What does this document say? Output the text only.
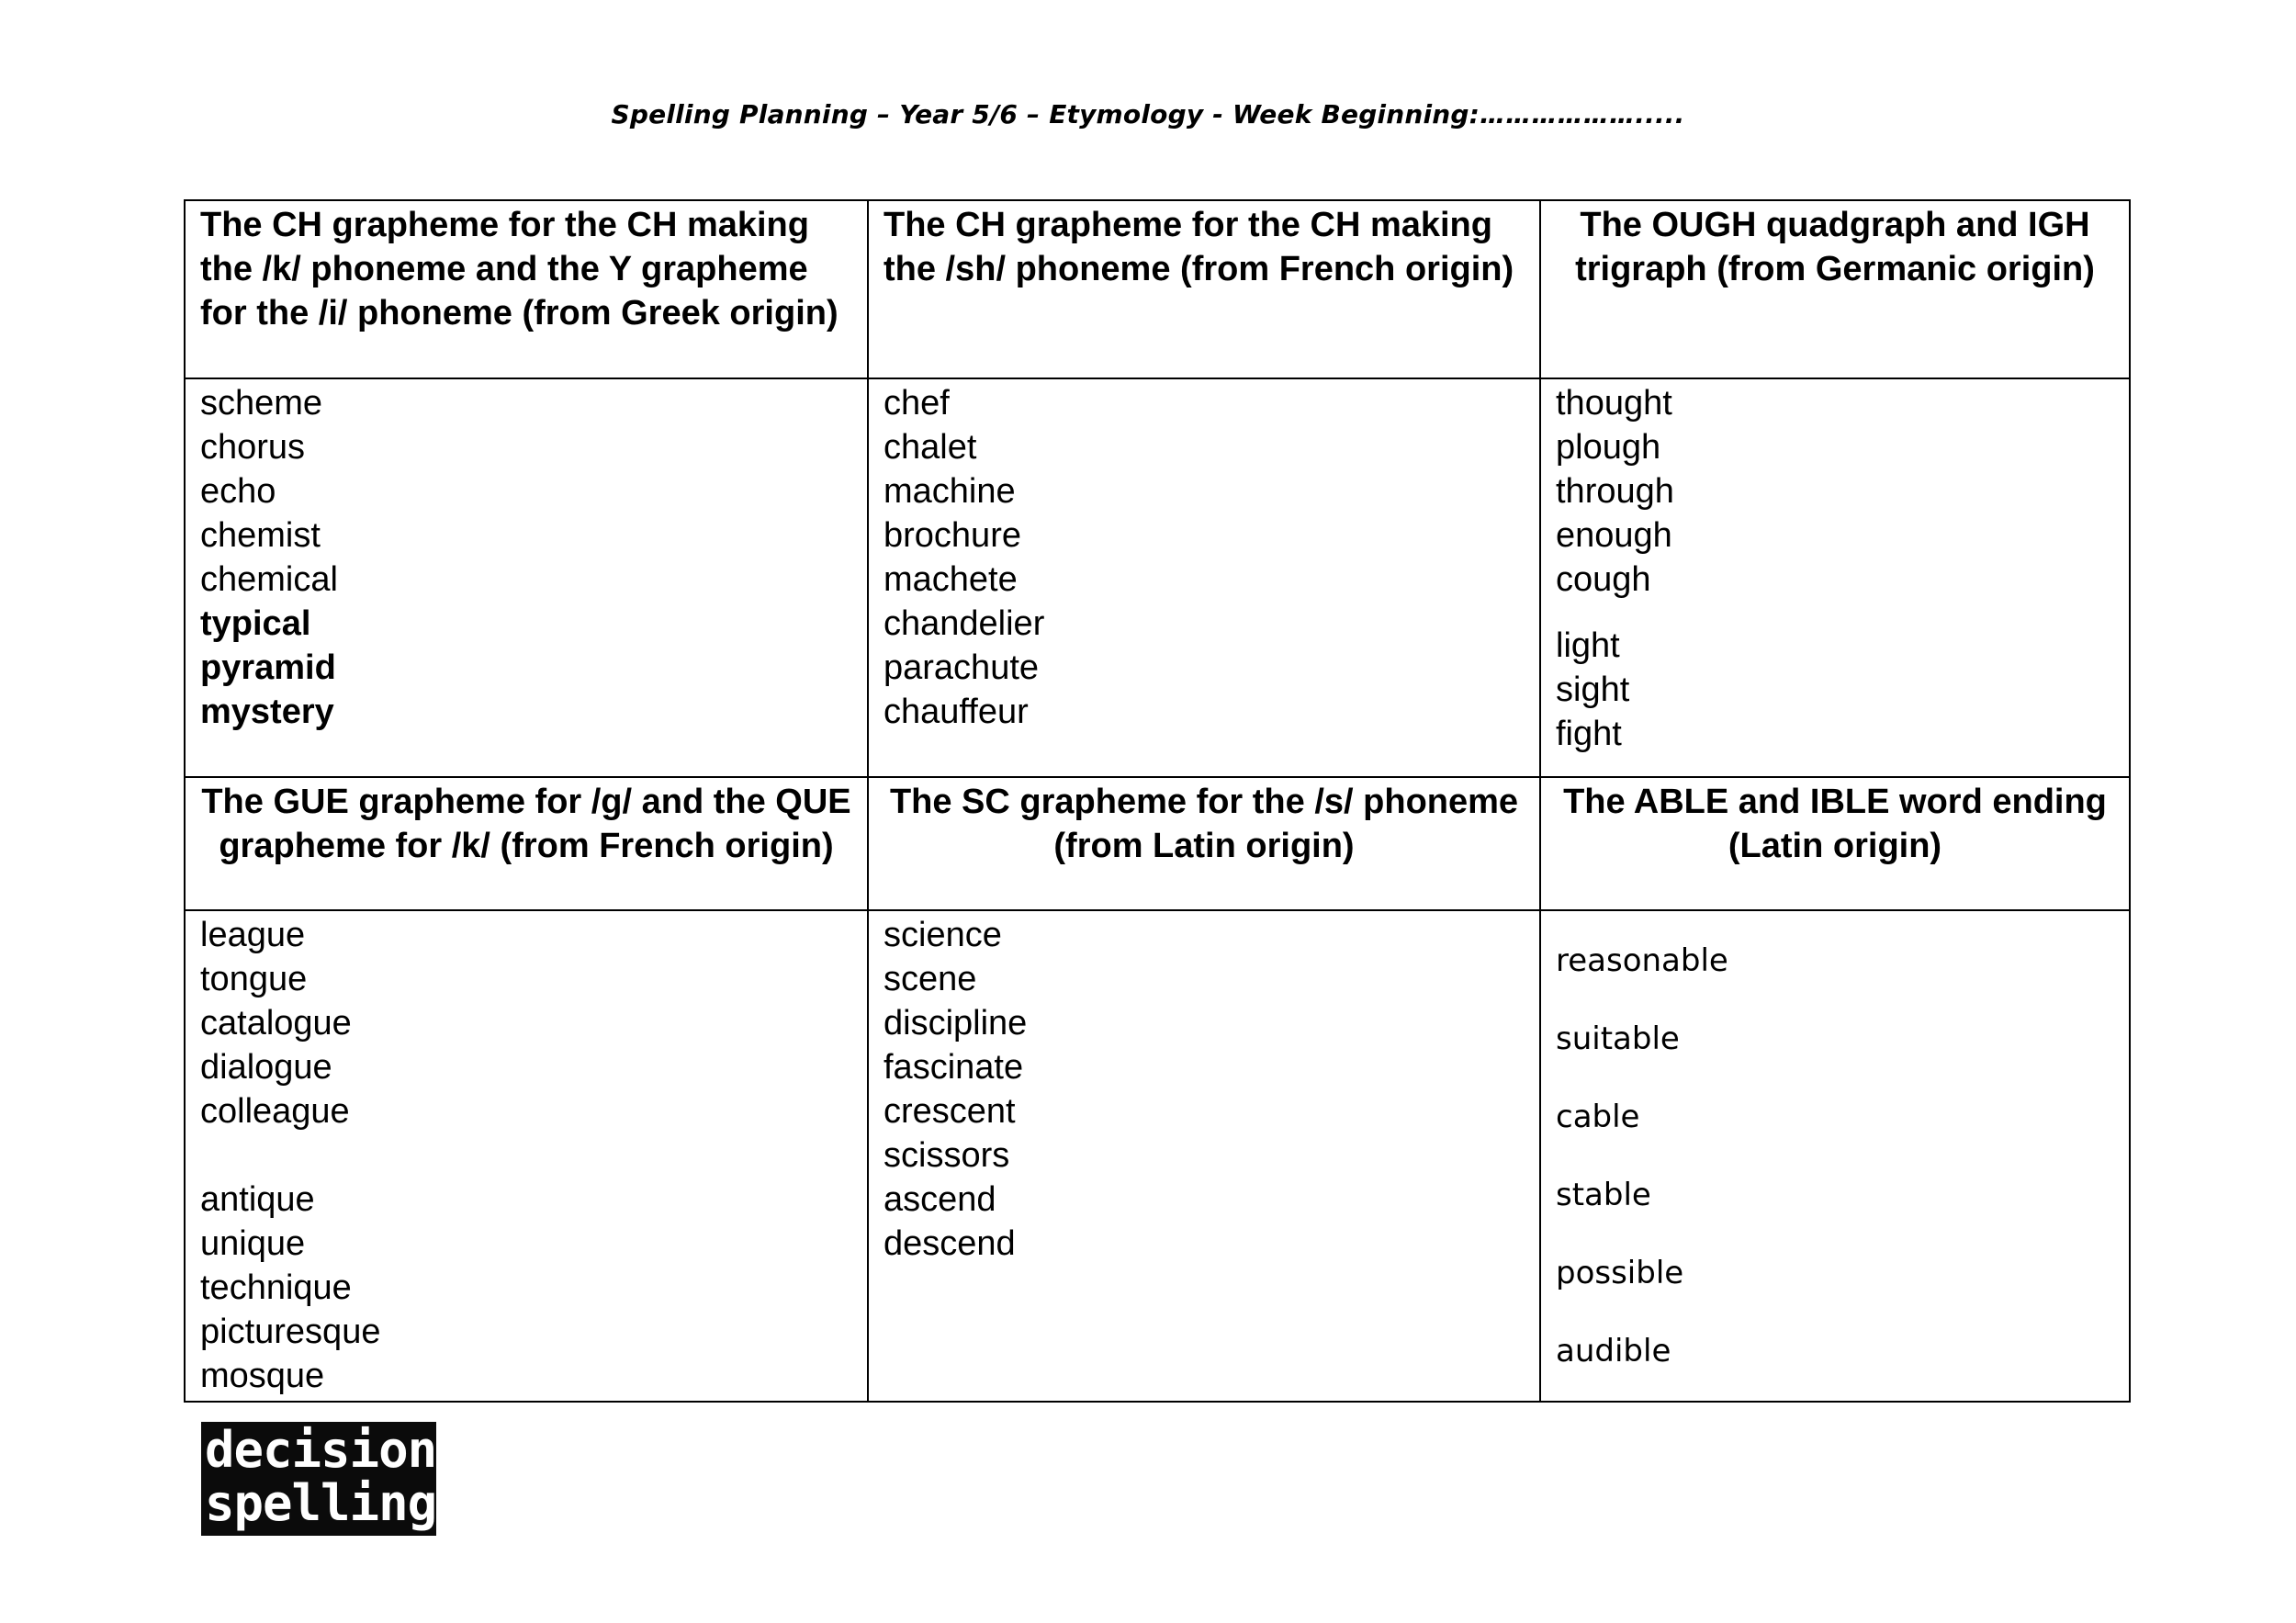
Spelling Planning – Year 5/6 – Etymology - Week Beginning:……………….....
The CH grapheme for the CH making the /k/ phoneme and the Y grapheme for the /i/ phoneme (from Greek origin)
The CH grapheme for the CH making the /sh/ phoneme (from French origin)
The OUGH quadgraph and IGH trigraph (from Germanic origin)
scheme
chorus
echo
chemist
chemical
typical
pyramid
mystery
chef
chalet
machine
brochure
machete
chandelier
parachute
chauffeur
thought
plough
through
enough
cough
light
sight
fight
The GUE grapheme for /g/ and the QUE grapheme for /k/ (from French origin)
The SC grapheme for the /s/ phoneme (from Latin origin)
The ABLE and IBLE word ending (Latin origin)
league
tongue
catalogue
dialogue
colleague

antique
unique
technique
picturesque
mosque
science
scene
discipline
fascinate
crescent
scissors
ascend
descend
reasonable
suitable
cable
stable
possible
audible
decision
spelling
